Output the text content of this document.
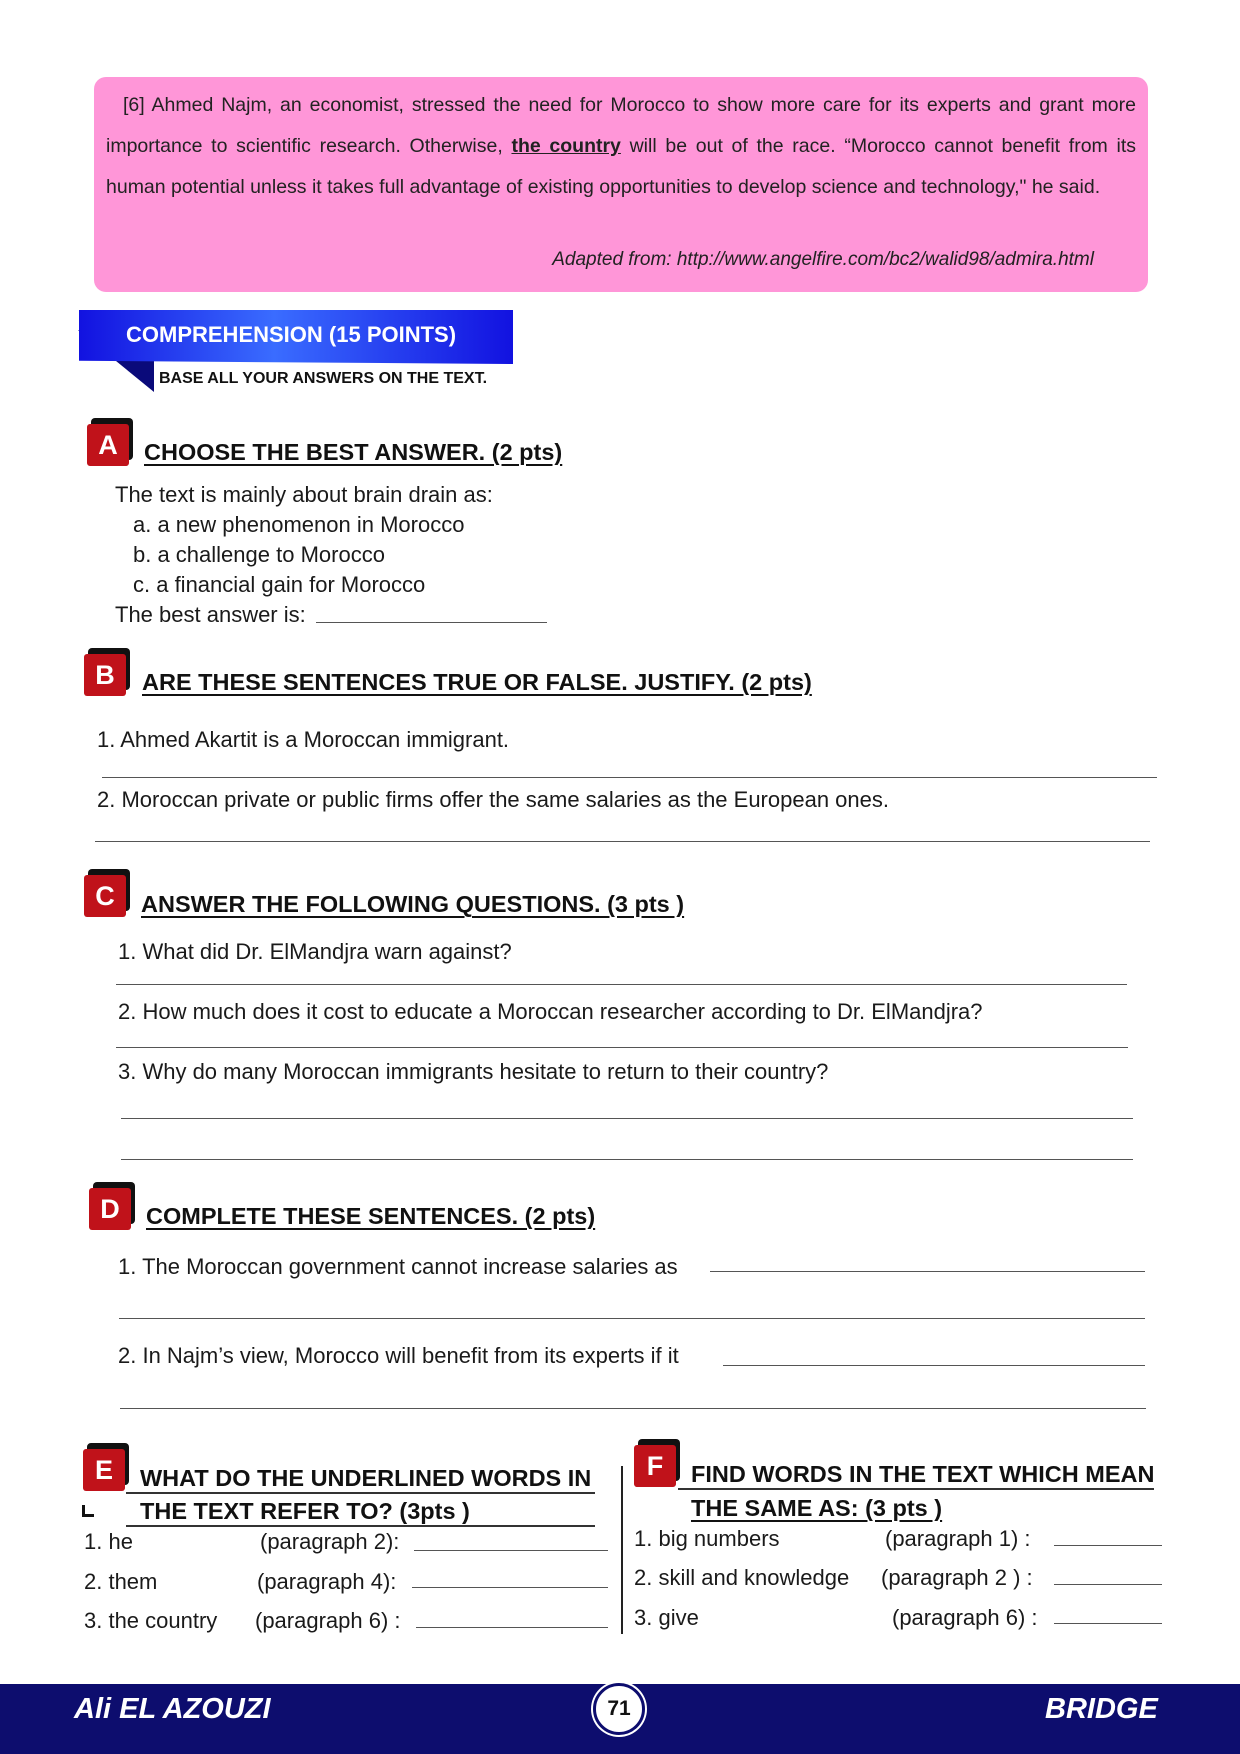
[6] Ahmed Najm, an economist, stressed the need for Morocco to show more care for its experts and grant more importance to scientific research. Otherwise, the country will be out of the race. “Morocco cannot benefit from its human potential unless it takes full advantage of existing opportunities to develop science and technology," he said.

Adapted from: http://www.angelfire.com/bc2/walid98/admira.html
COMPREHENSION (15 POINTS)
BASE ALL YOUR ANSWERS ON THE TEXT.
A	CHOOSE THE BEST ANSWER. (2 pts)
The text is mainly about brain drain as:
a. a new phenomenon in Morocco
b. a challenge to Morocco
c. a financial gain for Morocco
The best answer is:
B	ARE THESE SENTENCES TRUE OR FALSE. JUSTIFY. (2 pts)
1. Ahmed Akartit is a Moroccan immigrant.
2. Moroccan private or public firms offer the same salaries as the European ones.
C	ANSWER THE FOLLOWING QUESTIONS. (3 pts )
1. What did Dr. ElMandjra warn against?
2. How much does it cost to educate a Moroccan researcher according to Dr. ElMandjra?
3. Why do many Moroccan immigrants hesitate to return to their country?
D	COMPLETE THESE SENTENCES. (2 pts)
1. The Moroccan government cannot increase salaries as
2. In Najm’s view, Morocco will benefit from its experts if it
E	WHAT DO THE UNDERLINED WORDS IN
THE TEXT REFER TO? (3pts )
1. he	(paragraph 2):
2. them	(paragraph 4):
3. the country (paragraph 6) :
F	FIND WORDS IN THE TEXT WHICH MEAN
THE SAME AS: (3 pts )
1. big numbers	(paragraph 1) :
2. skill and knowledge (paragraph 2 ) :
3. give	(paragraph 6) :
Ali EL AZOUZI	71	BRIDGE
